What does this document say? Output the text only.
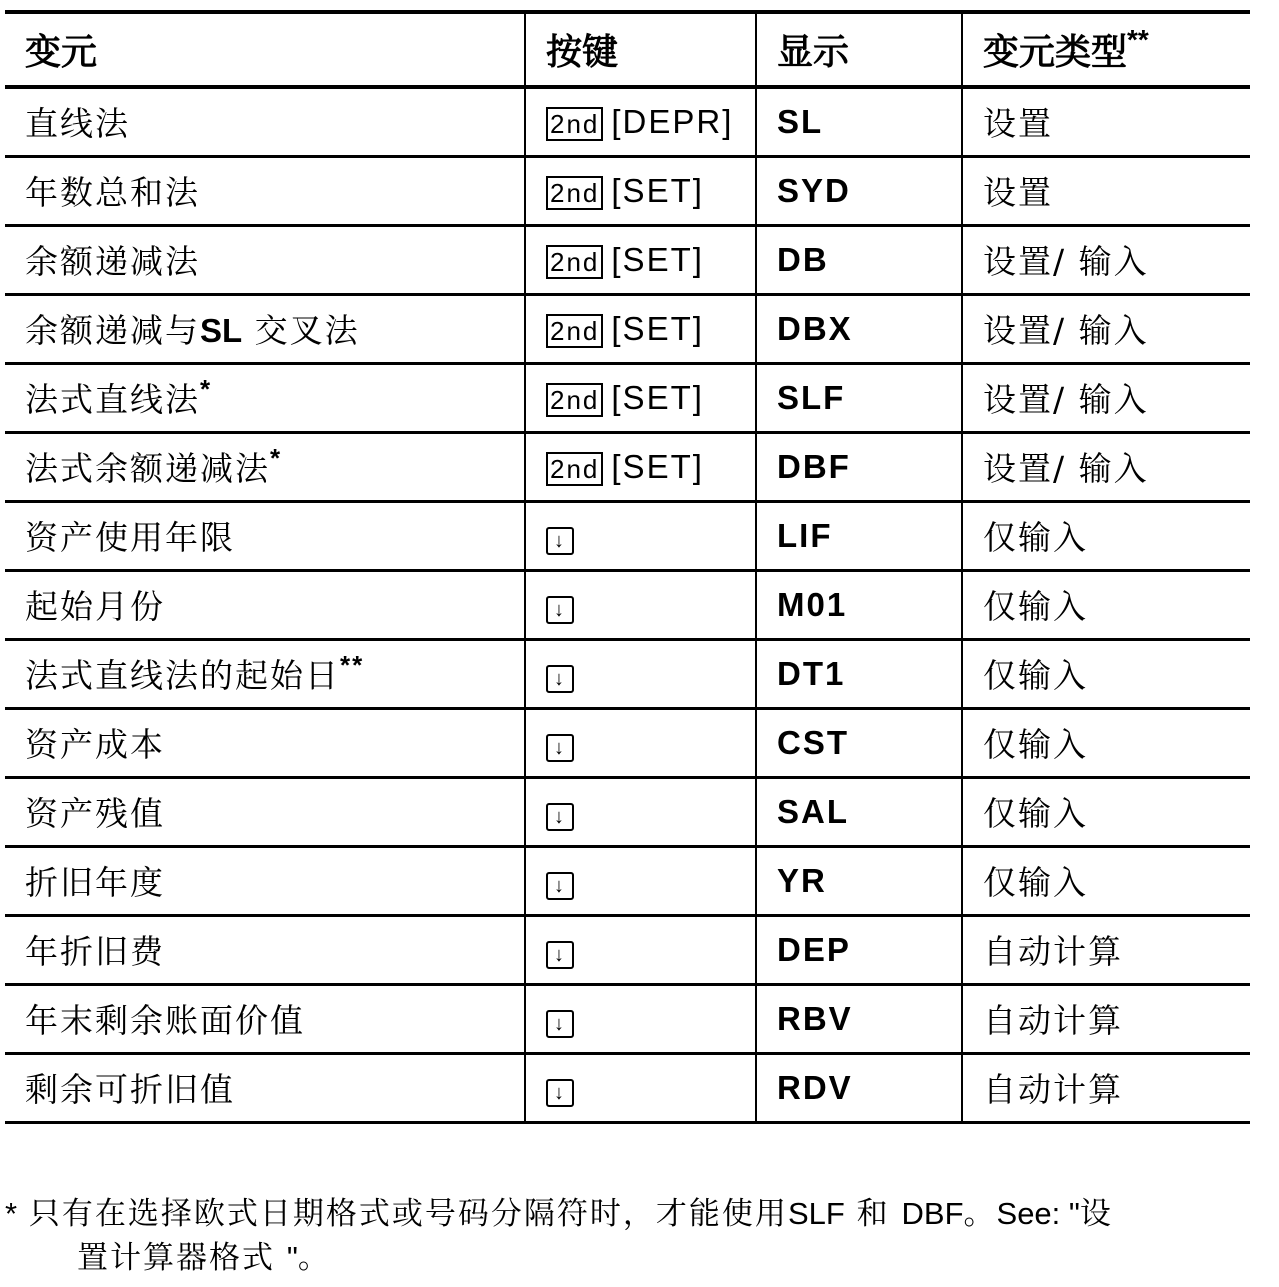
变元	按键	显示	变元类型**
直线法	2nd [DEPR]	SL	设置
年数总和法	2nd [SET]	SYD	设置
余额递减法	2nd [SET]	DB	设置/ 输入
余额递减与SL 交叉法	2nd [SET]	DBX	设置/ 输入
法式直线法*	2nd [SET]	SLF	设置/ 输入
法式余额递减法*	2nd [SET]	DBF	设置/ 输入
资产使用年限	↓	LIF	仅输入
起始月份	↓	M01	仅输入
法式直线法的起始日**	↓	DT1	仅输入
资产成本	↓	CST	仅输入
资产残值	↓	SAL	仅输入
折旧年度	↓	YR	仅输入
年折旧费	↓	DEP	自动计算
年末剩余账面价值	↓	RBV	自动计算
剩余可折旧值	↓	RDV	自动计算
* 只有在选择欧式日期格式或号码分隔符时，才能使用SLF 和 DBF。See: "设
置计算器格式 "。
